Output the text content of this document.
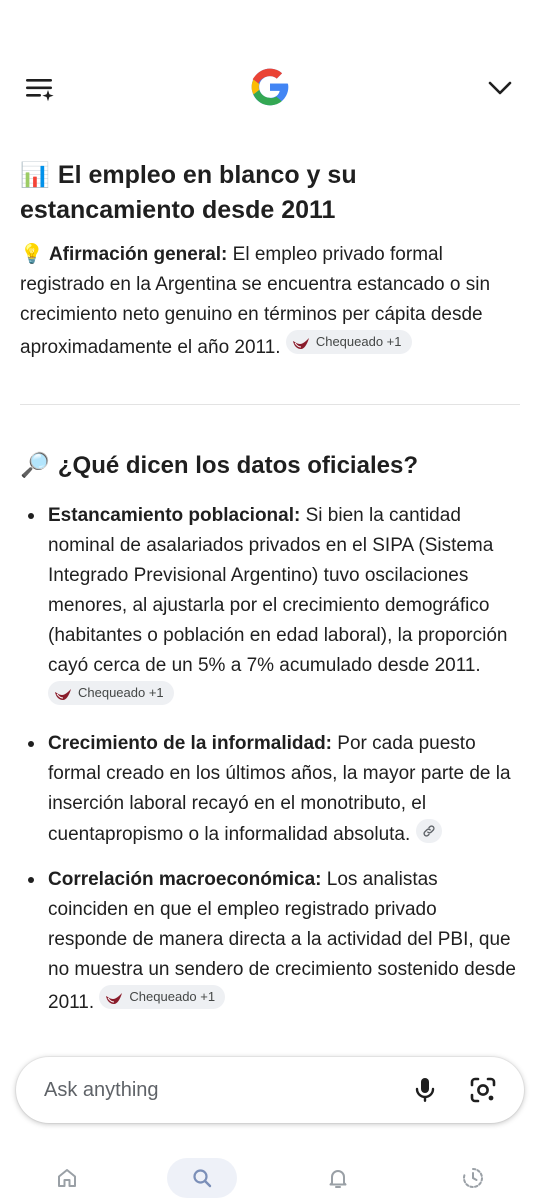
📊 El empleo en blanco y su estancamiento desde 2011

💡 Afirmación general: El empleo privado formal registrado en la Argentina se encuentra estancado o sin crecimiento neto genuino en términos per cápita desde aproximadamente el año 2011. Chequeado +1

🔎 ¿Qué dicen los datos oficiales?
Estancamiento poblacional: Si bien la cantidad nominal de asalariados privados en el SIPA (Sistema Integrado Previsional Argentino) tuvo oscilaciones menores, al ajustarla por el crecimiento demográfico (habitantes o población en edad laboral), la proporción cayó cerca de un 5% a 7% acumulado desde 2011.
Chequeado +1
Crecimiento de la informalidad: Por cada puesto formal creado en los últimos años, la mayor parte de la inserción laboral recayó en el monotributo, el cuentapropismo o la informalidad absoluta.
Correlación macroeconómica: Los analistas coinciden en que el empleo registrado privado responde de manera directa a la actividad del PBI, que no muestra un sendero de crecimiento sostenido desde 2011. Chequeado +1
Ask anything
